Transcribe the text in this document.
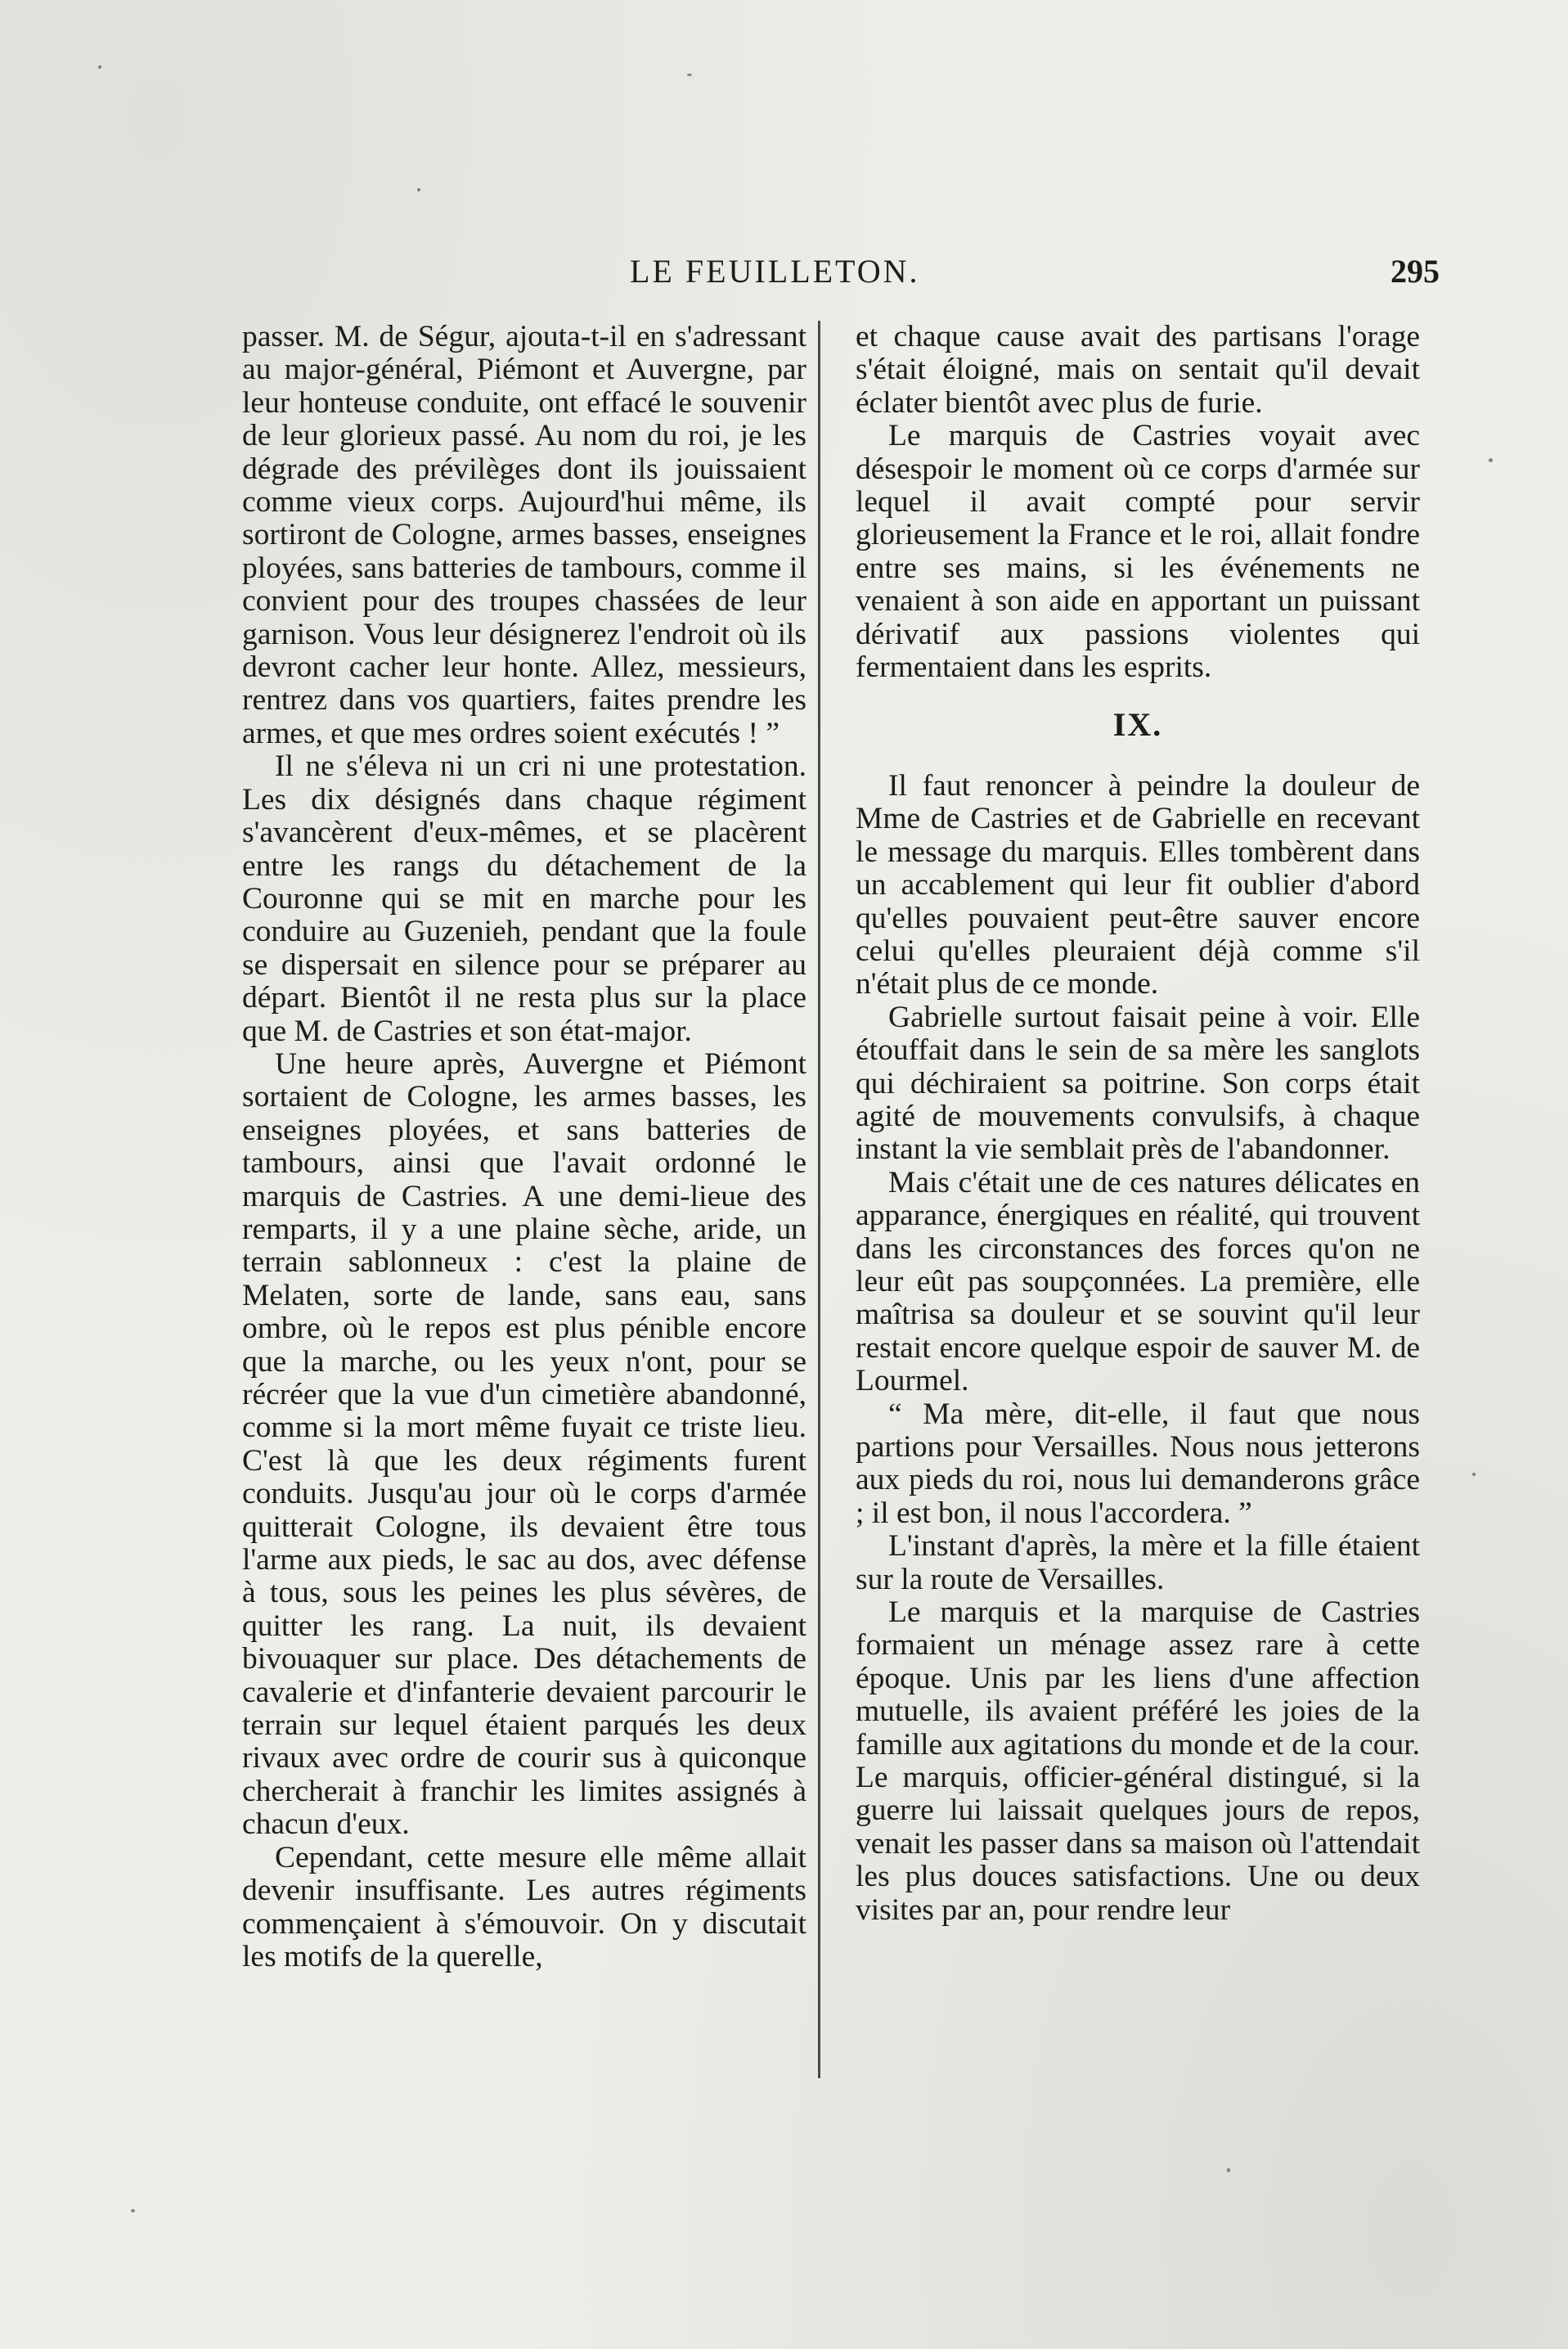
LE FEUILLETON.	295

passer. M. de Ségur, ajouta-t-il en s'adressant au major-général, Piémont et Auvergne, par leur honteuse conduite, ont effacé le souvenir de leur glorieux passé. Au nom du roi, je les dégrade des prévilèges dont ils jouissaient comme vieux corps. Aujourd'hui même, ils sortiront de Cologne, armes basses, enseignes ployées, sans batteries de tambours, comme il convient pour des troupes chassées de leur garnison. Vous leur désignerez l'endroit où ils devront cacher leur honte. Allez, messieurs, rentrez dans vos quartiers, faites prendre les armes, et que mes ordres soient exécutés ! ”

Il ne s'éleva ni un cri ni une protestation. Les dix désignés dans chaque régiment s'avancèrent d'eux-mêmes, et se placèrent entre les rangs du détachement de la Couronne qui se mit en marche pour les conduire au Guzenieh, pendant que la foule se dispersait en silence pour se préparer au départ. Bientôt il ne resta plus sur la place que M. de Castries et son état-major.

Une heure après, Auvergne et Piémont sortaient de Cologne, les armes basses, les enseignes ployées, et sans batteries de tambours, ainsi que l'avait ordonné le marquis de Castries. A une demi-lieue des remparts, il y a une plaine sèche, aride, un terrain sablonneux : c'est la plaine de Melaten, sorte de lande, sans eau, sans ombre, où le repos est plus pénible encore que la marche, ou les yeux n'ont, pour se récréer que la vue d'un cimetière abandonné, comme si la mort même fuyait ce triste lieu. C'est là que les deux régiments furent conduits. Jusqu'au jour où le corps d'armée quitterait Cologne, ils devaient être tous l'arme aux pieds, le sac au dos, avec défense à tous, sous les peines les plus sévères, de quitter les rang. La nuit, ils devaient bivouaquer sur place. Des détachements de cavalerie et d'infanterie devaient parcourir le terrain sur lequel étaient parqués les deux rivaux avec ordre de courir sus à quiconque chercherait à franchir les limites assignés à chacun d'eux.

Cependant, cette mesure elle même allait devenir insuffisante. Les autres régiments commençaient à s'émouvoir. On y discutait les motifs de la querelle,

et chaque cause avait des partisans l'orage s'était éloigné, mais on sentait qu'il devait éclater bientôt avec plus de furie.

Le marquis de Castries voyait avec désespoir le moment où ce corps d'armée sur lequel il avait compté pour servir glorieusement la France et le roi, allait fondre entre ses mains, si les événements ne venaient à son aide en apportant un puissant dérivatif aux passions violentes qui fermentaient dans les esprits.

IX.

Il faut renoncer à peindre la douleur de Mme de Castries et de Gabrielle en recevant le message du marquis. Elles tombèrent dans un accablement qui leur fit oublier d'abord qu'elles pouvaient peut-être sauver encore celui qu'elles pleuraient déjà comme s'il n'était plus de ce monde.

Gabrielle surtout faisait peine à voir. Elle étouffait dans le sein de sa mère les sanglots qui déchiraient sa poitrine. Son corps était agité de mouvements convulsifs, à chaque instant la vie semblait près de l'abandonner.

Mais c'était une de ces natures délicates en apparance, énergiques en réalité, qui trouvent dans les circonstances des forces qu'on ne leur eût pas soupçonnées. La première, elle maîtrisa sa douleur et se souvint qu'il leur restait encore quelque espoir de sauver M. de Lourmel.

“ Ma mère, dit-elle, il faut que nous partions pour Versailles. Nous nous jetterons aux pieds du roi, nous lui demanderons grâce ; il est bon, il nous l'accordera. ”

L'instant d'après, la mère et la fille étaient sur la route de Versailles.

Le marquis et la marquise de Castries formaient un ménage assez rare à cette époque. Unis par les liens d'une affection mutuelle, ils avaient préféré les joies de la famille aux agitations du monde et de la cour. Le marquis, officier-général distingué, si la guerre lui laissait quelques jours de repos, venait les passer dans sa maison où l'attendait les plus douces satisfactions. Une ou deux visites par an, pour rendre leur
